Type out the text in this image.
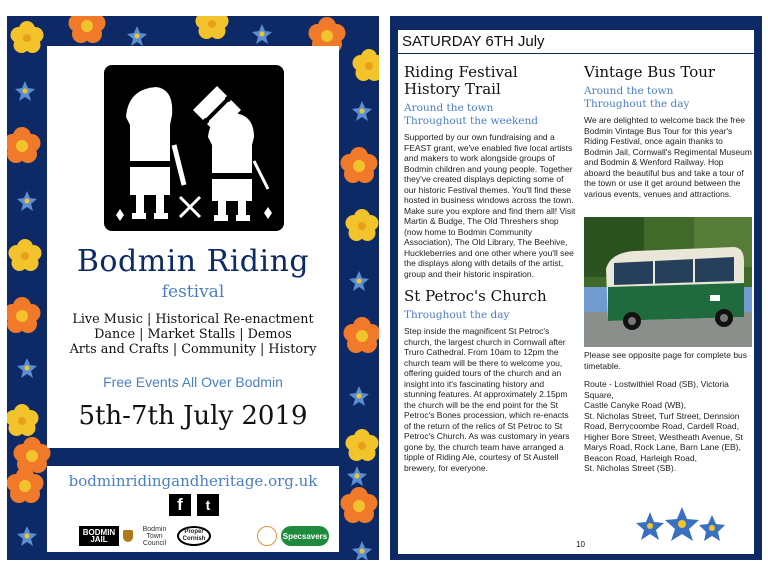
Bodmin Riding
festival
Live Music | Historical Re-enactment
Dance | Market Stalls | Demos
Arts and Crafts | Community | History
Free Events All Over Bodmin
5th-7th July 2019
bodminridingandheritage.org.uk
f	t
BODMIN JAIL
Bodmin Town Council
Proper Cornish	Specsavers
SATURDAY 6TH July
Riding Festival History Trail
Around the town
Throughout the weekend
Supported by our own fundraising and a FEAST grant, we've enabled five local artists and makers to work alongside groups of Bodmin children and young people. Together they've created displays depicting some of our historic Festival themes. You'll find these hosted in business windows across the town. Make sure you explore and find them all! Visit Martin & Budge, The Old Threshers shop (now home to Bodmin Community Association), The Old Library, The Beehive, Huckleberries and one other where you'll see the displays along with details of the artist, group and their historic inspiration.
St Petroc's Church
Throughout the day
Step inside the magnificent St Petroc's church, the largest church in Cornwall after Truro Cathedral. From 10am to 12pm the church team will be there to welcome you, offering guided tours of the church and an insight into it's fascinating history and stunning features. At approximately 2.15pm the church will be the end point for the St Petroc's Bones procession, which re-enacts of the return of the relics of St Petroc to St Petroc's Church. As was customary in years gone by, the church team have arranged a tipple of Riding Ale, courtesy of St Austell brewery, for everyone.
Vintage Bus Tour
Around the town
Throughout the day
We are delighted to welcome back the free Bodmin Vintage Bus Tour for this year's Riding Festival, once again thanks to Bodmin Jail, Cornwall's Regimental Museum and Bodmin & Wenford Railway. Hop aboard the beautiful bus and take a tour of the town or use it get around between the various events, venues and attractions.
Please see opposite page for complete bus timetable.
Route - Lostwithiel Road (SB), Victoria Square,
Castle Canyke Road (WB),
St. Nicholas Street, Turf Street, Dennsion Road, Berrycoombe Road, Cardell Road, Higher Bore Street, Westheath Avenue, St Marys Road, Rock Lane, Barn Lane (EB), Beacon Road, Harleigh Road,
St. Nicholas Street (SB).
10
